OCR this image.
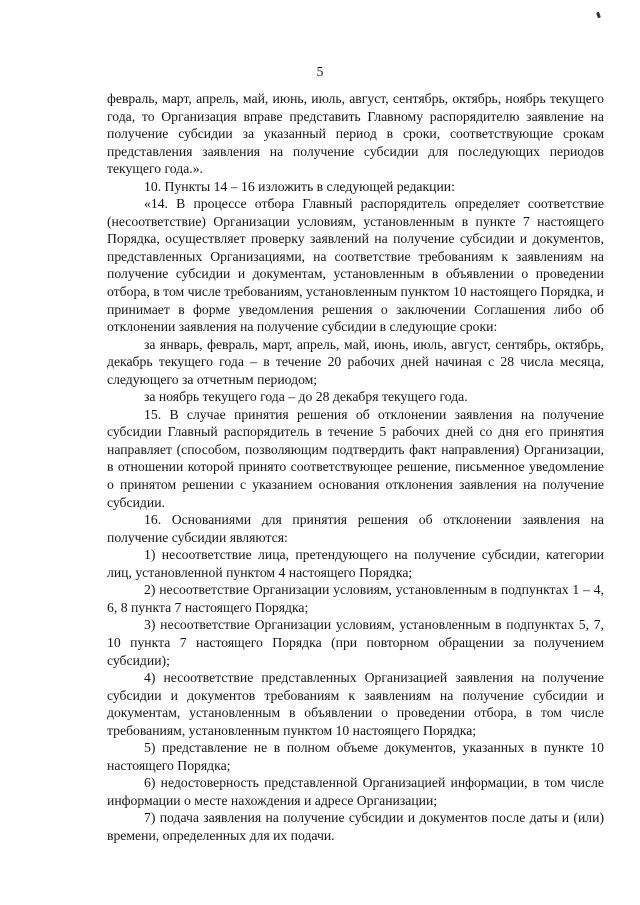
5

февраль, март, апрель, май, июнь, июль, август, сентябрь, октябрь, ноябрь текущего года, то Организация вправе представить Главному распорядителю заявление на получение субсидии за указанный период в сроки, соответствующие срокам представления заявления на получение субсидии для последующих периодов текущего года.».

10. Пункты 14 – 16 изложить в следующей редакции:

«14. В процессе отбора Главный распорядитель определяет соответствие (несоответствие) Организации условиям, установленным в пункте 7 настоящего Порядка, осуществляет проверку заявлений на получение субсидии и документов, представленных Организациями, на соответствие требованиям к заявлениям на получение субсидии и документам, установленным в объявлении о проведении отбора, в том числе требованиям, установленным пунктом 10 настоящего Порядка, и принимает в форме уведомления решения о заключении Соглашения либо об отклонении заявления на получение субсидии в следующие сроки:

за январь, февраль, март, апрель, май, июнь, июль, август, сентябрь, октябрь, декабрь текущего года – в течение 20 рабочих дней начиная с 28 числа месяца, следующего за отчетным периодом;

за ноябрь текущего года – до 28 декабря текущего года.

15. В случае принятия решения об отклонении заявления на получение субсидии Главный распорядитель в течение 5 рабочих дней со дня его принятия направляет (способом, позволяющим подтвердить факт направления) Организации, в отношении которой принято соответствующее решение, письменное уведомление о принятом решении с указанием основания отклонения заявления на получение субсидии.

16. Основаниями для принятия решения об отклонении заявления на получение субсидии являются:

1) несоответствие лица, претендующего на получение субсидии, категории лиц, установленной пунктом 4 настоящего Порядка;

2) несоответствие Организации условиям, установленным в подпунктах 1 – 4, 6, 8 пункта 7 настоящего Порядка;

3) несоответствие Организации условиям, установленным в подпунктах 5, 7, 10 пункта 7 настоящего Порядка (при повторном обращении за получением субсидии);

4) несоответствие представленных Организацией заявления на получение субсидии и документов требованиям к заявлениям на получение субсидии и документам, установленным в объявлении о проведении отбора, в том числе требованиям, установленным пунктом 10 настоящего Порядка;

5) представление не в полном объеме документов, указанных в пункте 10 настоящего Порядка;

6) недостоверность представленной Организацией информации, в том числе информации о месте нахождения и адресе Организации;

7) подача заявления на получение субсидии и документов после даты и (или) времени, определенных для их подачи.
